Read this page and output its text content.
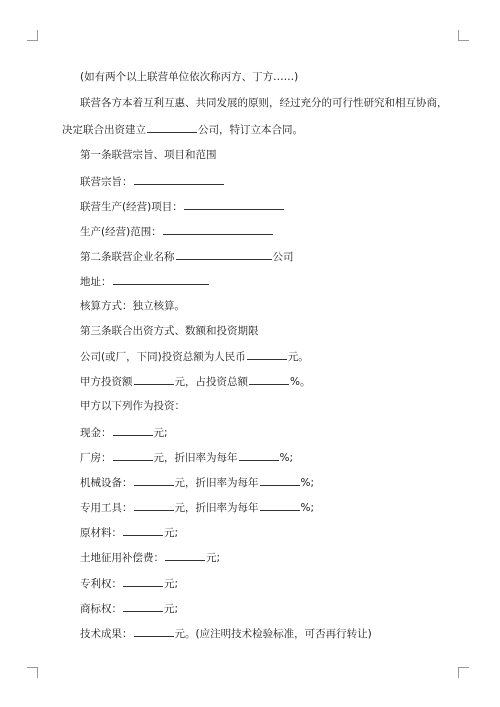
(如有两个以上联营单位依次称丙方、丁方……)
联营各方本着互利互惠、共同发展的原则，经过充分的可行性研究和相互协商，
决定联合出资建立	公司，特订立本合同。
第一条联营宗旨、项目和范围
联营宗旨：
联营生产(经营)项目：
生产(经营)范围：
第二条联营企业名称	公司
地址：
核算方式：独立核算。
第三条联合出资方式、数额和投资期限
公司(或厂，下同)投资总额为人民币	元。
甲方投资额	元，占投资总额	%。
甲方以下列作为投资：
现金：	元;
厂房：	元，折旧率为每年	%;
机械设备：	元，折旧率为每年	%;
专用工具：	元，折旧率为每年	%;
原材料：	元;
土地征用补偿费：	元;
专利权：	元;
商标权：	元;
技术成果：	元。(应注明技术检验标准，可否再行转让)
